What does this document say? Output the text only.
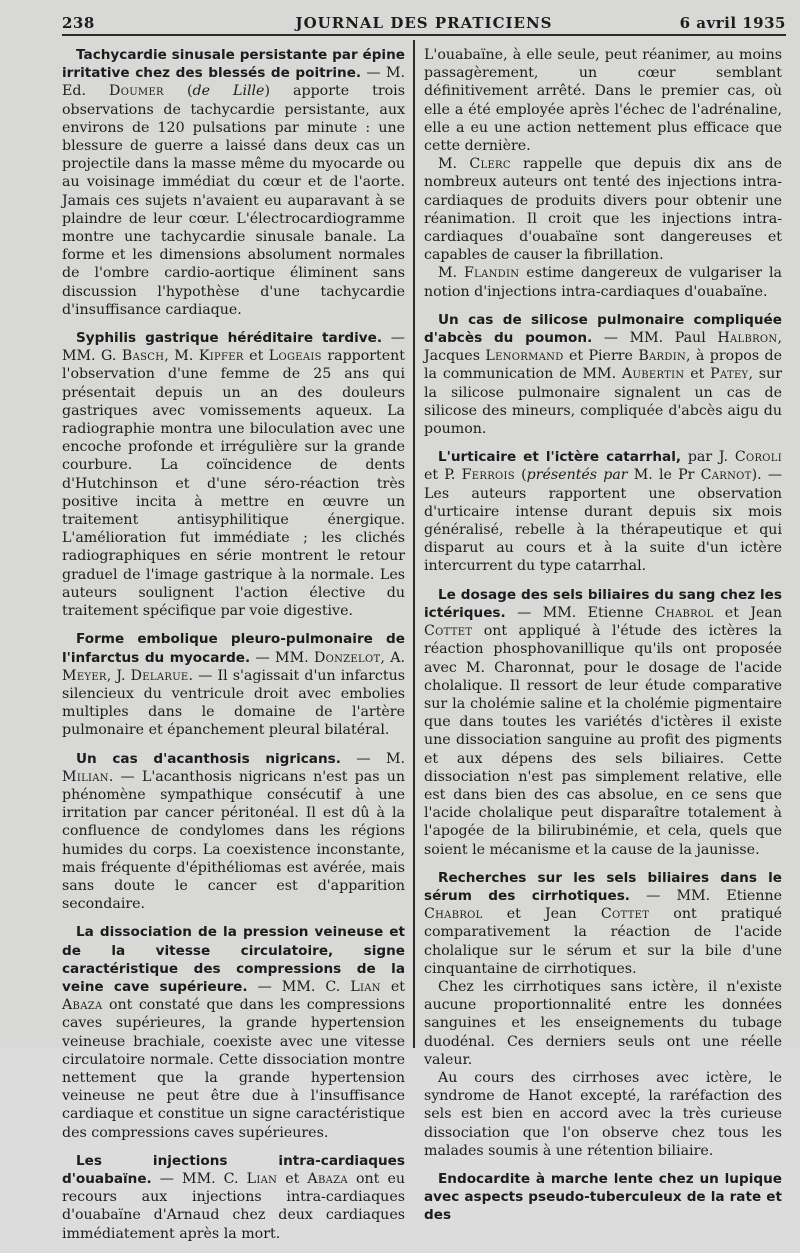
238	JOURNAL DES PRATICIENS	6 avril 1935

Tachycardie sinusale persistante par épine irritative chez des blessés de poitrine. — M. Ed. Doumer (de Lille) apporte trois observations de tachycardie persistante, aux environs de 120 pulsations par minute : une blessure de guerre a laissé dans deux cas un projectile dans la masse même du myocarde ou au voisinage immédiat du cœur et de l'aorte. Jamais ces sujets n'avaient eu auparavant à se plaindre de leur cœur. L'électrocardiogramme montre une tachycardie sinusale banale. La forme et les dimensions absolument normales de l'ombre cardio-aortique éliminent sans discussion l'hypothèse d'une tachycardie d'insuffisance cardiaque.

Syphilis gastrique héréditaire tardive. — MM. G. Basch, M. Kipfer et Logeais rapportent l'observation d'une femme de 25 ans qui présentait depuis un an des douleurs gastriques avec vomissements aqueux. La radiographie montra une biloculation avec une encoche profonde et irrégulière sur la grande courbure. La coïncidence de dents d'Hutchinson et d'une séro-réaction très positive incita à mettre en œuvre un traitement antisyphilitique énergique. L'amélioration fut immédiate ; les clichés radiographiques en série montrent le retour graduel de l'image gastrique à la normale. Les auteurs soulignent l'action élective du traitement spécifique par voie digestive.

Forme embolique pleuro-pulmonaire de l'infarctus du myocarde. — MM. Donzelot, A. Meyer, J. Delarue. — Il s'agissait d'un infarctus silencieux du ventricule droit avec embolies multiples dans le domaine de l'artère pulmonaire et épanchement pleural bilatéral.

Un cas d'acanthosis nigricans. — M. Milian. — L'acanthosis nigricans n'est pas un phénomène sympathique consécutif à une irritation par cancer péritonéal. Il est dû à la confluence de condylomes dans les régions humides du corps. La coexistence inconstante, mais fréquente d'épithéliomas est avérée, mais sans doute le cancer est d'apparition secondaire.

La dissociation de la pression veineuse et de la vitesse circulatoire, signe caractéristique des compressions de la veine cave supérieure. — MM. C. Lian et Abaza ont constaté que dans les compressions caves supérieures, la grande hypertension veineuse brachiale, coexiste avec une vitesse circulatoire normale. Cette dissociation montre nettement que la grande hypertension veineuse ne peut être due à l'insuffisance cardiaque et constitue un signe caractéristique des compressions caves supérieures.

Les injections intra-cardiaques d'ouabaïne. — MM. C. Lian et Abaza ont eu recours aux injections intra-cardiaques d'ouabaïne d'Arnaud chez deux cardiaques immédiatement après la mort.

L'ouabaïne, à elle seule, peut réanimer, au moins passagèrement, un cœur semblant définitivement arrêté. Dans le premier cas, où elle a été employée après l'échec de l'adrénaline, elle a eu une action nettement plus efficace que cette dernière.

M. Clerc rappelle que depuis dix ans de nombreux auteurs ont tenté des injections intra-cardiaques de produits divers pour obtenir une réanimation. Il croit que les injections intra-cardiaques d'ouabaïne sont dangereuses et capables de causer la fibrillation.

M. Flandin estime dangereux de vulgariser la notion d'injections intra-cardiaques d'ouabaïne.

Un cas de silicose pulmonaire compliquée d'abcès du poumon. — MM. Paul Halbron, Jacques Lenormand et Pierre Bardin, à propos de la communication de MM. Aubertin et Patey, sur la silicose pulmonaire signalent un cas de silicose des mineurs, compliquée d'abcès aigu du poumon.

L'urticaire et l'ictère catarrhal, par J. Coroli et P. Ferrois (présentés par M. le Pr Carnot). — Les auteurs rapportent une observation d'urticaire intense durant depuis six mois généralisé, rebelle à la thérapeutique et qui disparut au cours et à la suite d'un ictère intercurrent du type catarrhal.

Le dosage des sels biliaires du sang chez les ictériques. — MM. Etienne Chabrol et Jean Cottet ont appliqué à l'étude des ictères la réaction phosphovanillique qu'ils ont proposée avec M. Charonnat, pour le dosage de l'acide cholalique. Il ressort de leur étude comparative sur la cholémie saline et la cholémie pigmentaire que dans toutes les variétés d'ictères il existe une dissociation sanguine au profit des pigments et aux dépens des sels biliaires. Cette dissociation n'est pas simplement relative, elle est dans bien des cas absolue, en ce sens que l'acide cholalique peut disparaître totalement à l'apogée de la bilirubinémie, et cela, quels que soient le mécanisme et la cause de la jaunisse.

Recherches sur les sels biliaires dans le sérum des cirrhotiques. — MM. Etienne Chabrol et Jean Cottet ont pratiqué comparativement la réaction de l'acide cholalique sur le sérum et sur la bile d'une cinquantaine de cirrhotiques.

Chez les cirrhotiques sans ictère, il n'existe aucune proportionnalité entre les données sanguines et les enseignements du tubage duodénal. Ces derniers seuls ont une réelle valeur.

Au cours des cirrhoses avec ictère, le syndrome de Hanot excepté, la raréfaction des sels est bien en accord avec la très curieuse dissociation que l'on observe chez tous les malades soumis à une rétention biliaire.

Endocardite à marche lente chez un lupique avec aspects pseudo-tuberculeux de la rate et des
